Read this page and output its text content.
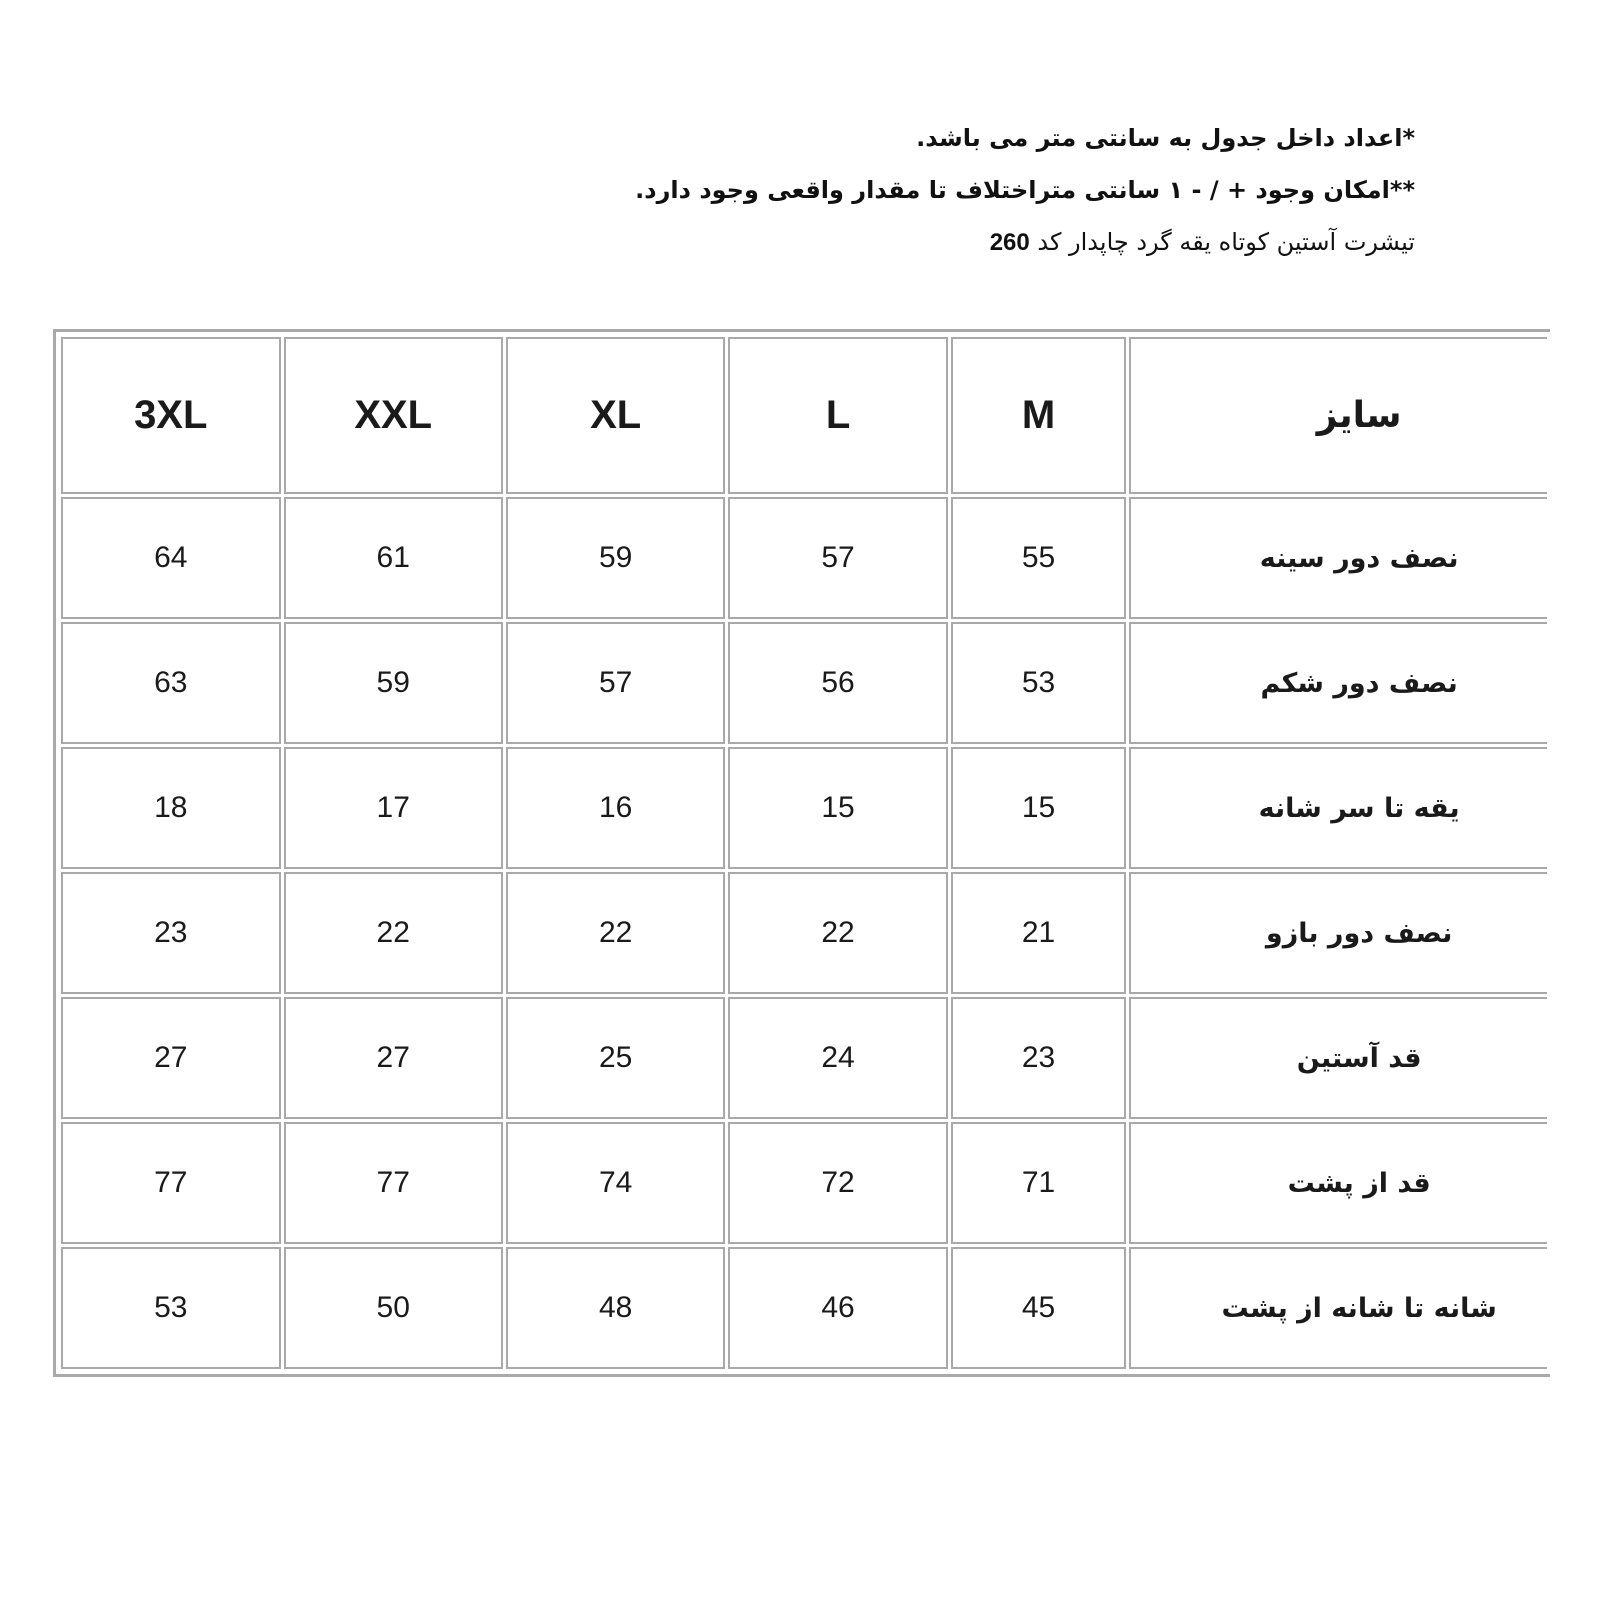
*اعداد داخل جدول به سانتی متر می باشد.
**امکان وجود + / - ۱ سانتی متراختلاف تا مقدار واقعی وجود دارد.
تیشرت آستین کوتاه یقه گرد چاپدار کد 260
سایز	M	L	XL	XXL	3XL
نصف دور سینه	55	57	59	61	64
نصف دور شکم	53	56	57	59	63
یقه تا سر شانه	15	15	16	17	18
نصف دور بازو	21	22	22	22	23
قد آستین	23	24	25	27	27
قد از پشت	71	72	74	77	77
شانه تا شانه از پشت	45	46	48	50	53
